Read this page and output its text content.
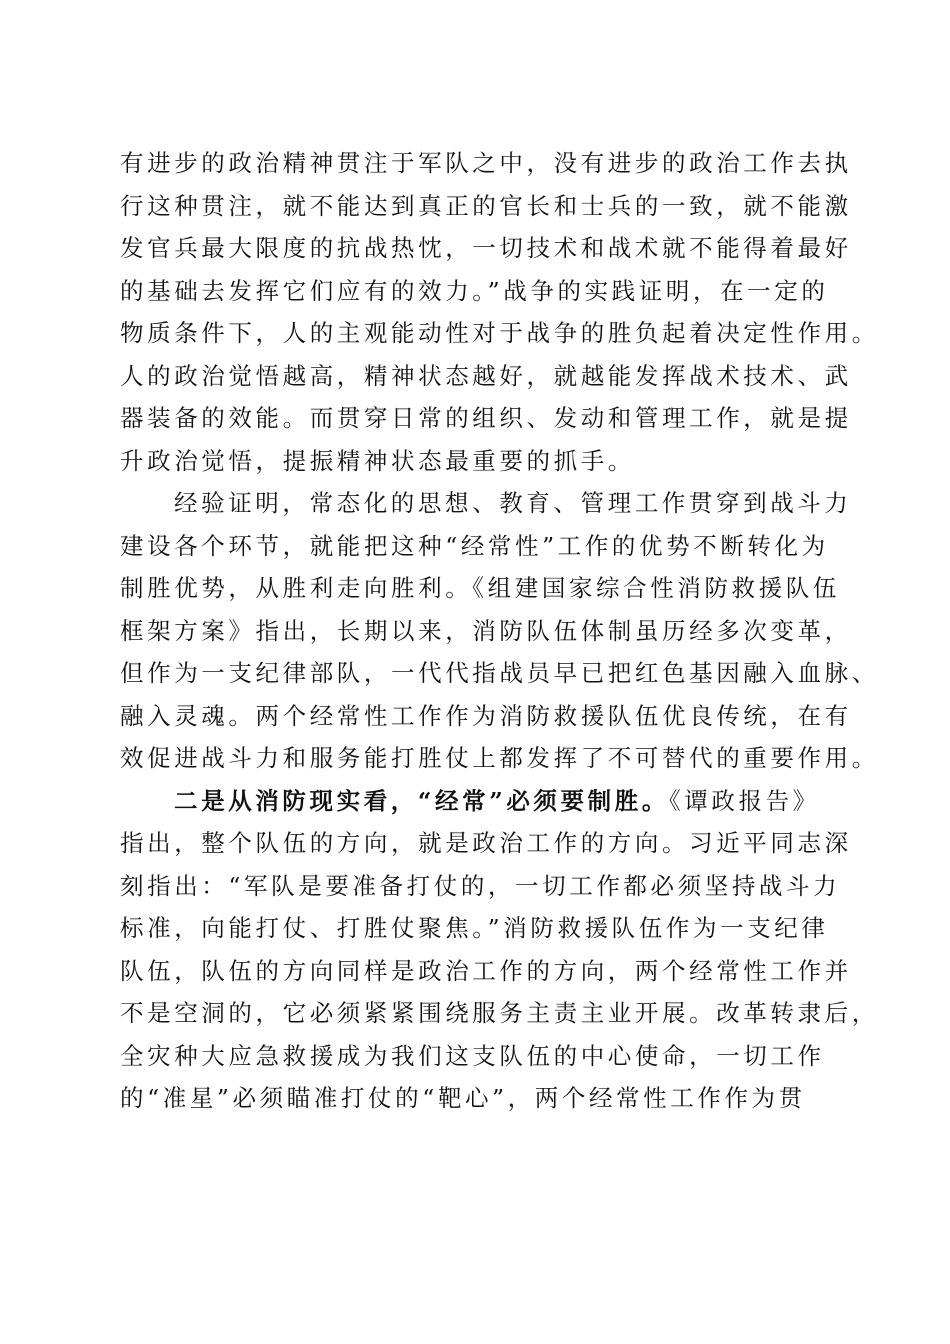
有进步的政治精神贯注于军队之中，没有进步的政治工作去执
行这种贯注，就不能达到真正的官长和士兵的一致，就不能激
发官兵最大限度的抗战热忱，一切技术和战术就不能得着最好
的基础去发挥它们应有的效力。”战争的实践证明，在一定的
物质条件下，人的主观能动性对于战争的胜负起着决定性作用。
人的政治觉悟越高，精神状态越好，就越能发挥战术技术、武
器装备的效能。而贯穿日常的组织、发动和管理工作，就是提
升政治觉悟，提振精神状态最重要的抓手。
经验证明，常态化的思想、教育、管理工作贯穿到战斗力
建设各个环节，就能把这种“经常性”工作的优势不断转化为
制胜优势，从胜利走向胜利。《组建国家综合性消防救援队伍
框架方案》指出，长期以来，消防队伍体制虽历经多次变革，
但作为一支纪律部队，一代代指战员早已把红色基因融入血脉、
融入灵魂。两个经常性工作作为消防救援队伍优良传统，在有
效促进战斗力和服务能打胜仗上都发挥了不可替代的重要作用。
二是从消防现实看，“经常”必须要制胜。《谭政报告》
指出，整个队伍的方向，就是政治工作的方向。习近平同志深
刻指出：“军队是要准备打仗的，一切工作都必须坚持战斗力
标准，向能打仗、打胜仗聚焦。”消防救援队伍作为一支纪律
队伍，队伍的方向同样是政治工作的方向，两个经常性工作并
不是空洞的，它必须紧紧围绕服务主责主业开展。改革转隶后，
全灾种大应急救援成为我们这支队伍的中心使命，一切工作
的“准星”必须瞄准打仗的“靶心”，两个经常性工作作为贯
